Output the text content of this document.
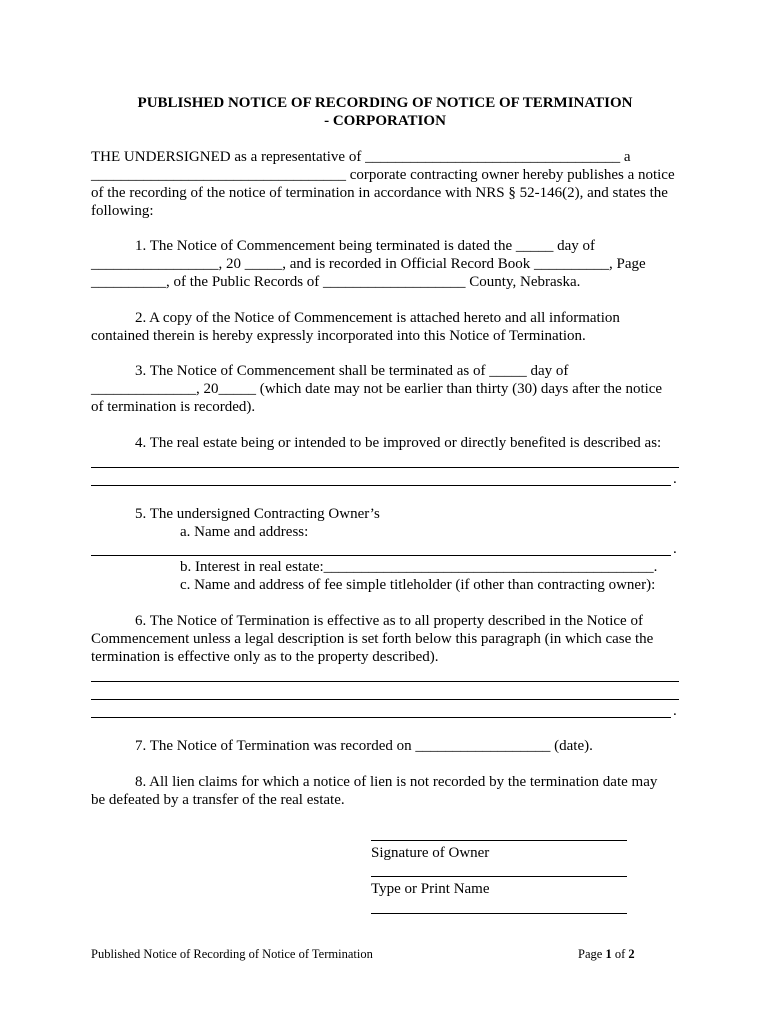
PUBLISHED NOTICE OF RECORDING OF NOTICE OF TERMINATION
- CORPORATION
THE UNDERSIGNED as a representative of __________________________________ a
__________________________________ corporate contracting owner hereby publishes a notice
of the recording of the notice of termination in accordance with NRS § 52-146(2), and states the
following:
1. The Notice of Commencement being terminated is dated the _____ day of
_________________, 20 _____, and is recorded in Official Record Book __________, Page
__________, of the Public Records of ___________________ County, Nebraska.
2. A copy of the Notice of Commencement is attached hereto and all information
contained therein is hereby expressly incorporated into this Notice of Termination.
3. The Notice of Commencement shall be terminated as of _____ day of
______________, 20_____ (which date may not be earlier than thirty (30) days after the notice
of termination is recorded).
4. The real estate being or intended to be improved or directly benefited is described as:
.
5. The undersigned Contracting Owner’s
a. Name and address:
.
b. Interest in real estate:____________________________________________.
c. Name and address of fee simple titleholder (if other than contracting owner):
6. The Notice of Termination is effective as to all property described in the Notice of
Commencement unless a legal description is set forth below this paragraph (in which case the
termination is effective only as to the property described).
.
7. The Notice of Termination was recorded on __________________ (date).
8. All lien claims for which a notice of lien is not recorded by the termination date may
be defeated by a transfer of the real estate.
Signature of Owner
Type or Print Name
Published Notice of Recording of Notice of Termination	Page 1 of 2
